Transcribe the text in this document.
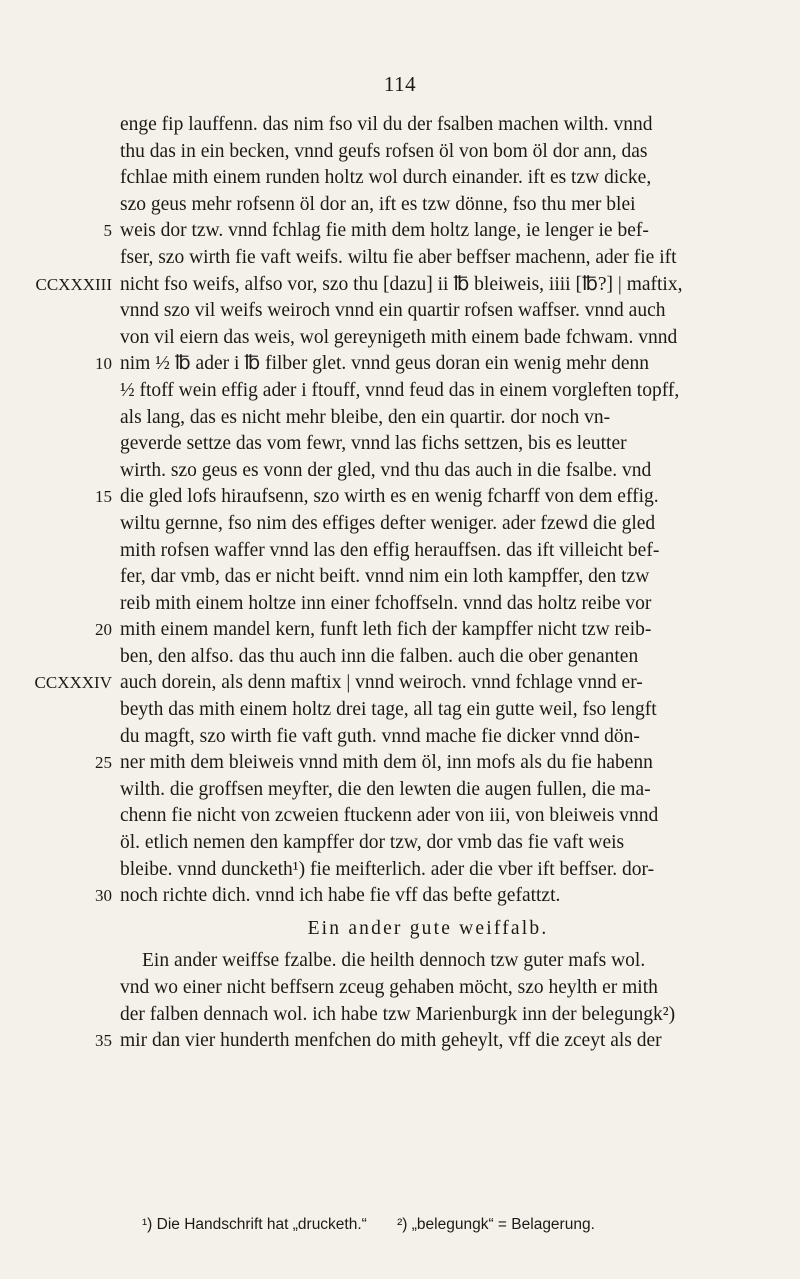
114
enge fip lauffenn. das nim fso vil du der fsalben machen wilth. vnnd
thu das in ein becken, vnnd geufs rofsen öl von bom öl dor ann, das
fchlae mith einem runden holtz wol durch einander. ift es tzw dicke,
szo geus mehr rofsenn öl dor an, ift es tzw dönne, fso thu mer blei
5 weis dor tzw. vnnd fchlag fie mith dem holtz lange, ie lenger ie bef-
fser, szo wirth fie vaft weifs. wiltu fie aber beffser machenn, ader fie ift
CCXXXIII nicht fso weifs, alfso vor, szo thu [dazu] ii ℔ bleiweis, iiii [℔?] | maftix,
vnnd szo vil weifs weiroch vnnd ein quartir rofsen waffser. vnnd auch
von vil eiern das weis, wol gereynigeth mith einem bade fchwam. vnnd
10 nim ½ ℔ ader i ℔ filber glet. vnnd geus doran ein wenig mehr denn
½ ftoff wein effig ader i ftouff, vnnd feud das in einem vorgleften topff,
als lang, das es nicht mehr bleibe, den ein quartir. dor noch vn-
geverde settze das vom fewr, vnnd las fichs settzen, bis es leutter
wirth. szo geus es vonn der gled, vnd thu das auch in die fsalbe. vnd
15 die gled lofs hiraufsenn, szo wirth es en wenig fcharff von dem effig.
wiltu gernne, fso nim des effiges defter weniger. ader fzewd die gled
mith rofsen waffer vnnd las den effig herauffsen. das ift villeicht bef-
fer, dar vmb, das er nicht beift. vnnd nim ein loth kampffer, den tzw
reib mith einem holtze inn einer fchoffseln. vnnd das holtz reibe vor
20 mith einem mandel kern, funft leth fich der kampffer nicht tzw reib-
ben, den alfso. das thu auch inn die falben. auch die ober genanten
CCXXXIV auch dorein, als denn maftix | vnnd weiroch. vnnd fchlage vnnd er-
beyth das mith einem holtz drei tage, all tag ein gutte weil, fso lengft
du magft, szo wirth fie vaft guth. vnnd mache fie dicker vnnd dön-
25 ner mith dem bleiweis vnnd mith dem öl, inn mofs als du fie habenn
wilth. die groffsen meyfter, die den lewten die augen fullen, die ma-
chenn fie nicht von zcweien ftuckenn ader von iii, von bleiweis vnnd
öl. etlich nemen den kampffer dor tzw, dor vmb das fie vaft weis
bleibe. vnnd duncketh¹) fie meifterlich. ader die vber ift beffser. dor-
30 noch richte dich. vnnd ich habe fie vff das befte gefattzt.
Ein ander gute weiffalb.
Ein ander weiffse fzalbe. die heilth dennoch tzw guter mafs wol.
vnd wo einer nicht beffsern zceug gehaben möcht, szo heylth er mith
der falben dennach wol. ich habe tzw Marienburgk inn der belegungk²)
35 mir dan vier hunderth menfchen do mith geheylt, vff die zceyt als der
¹) Die Handschrift hat „drucketh.“ ²) „belegungk“ = Belagerung.
